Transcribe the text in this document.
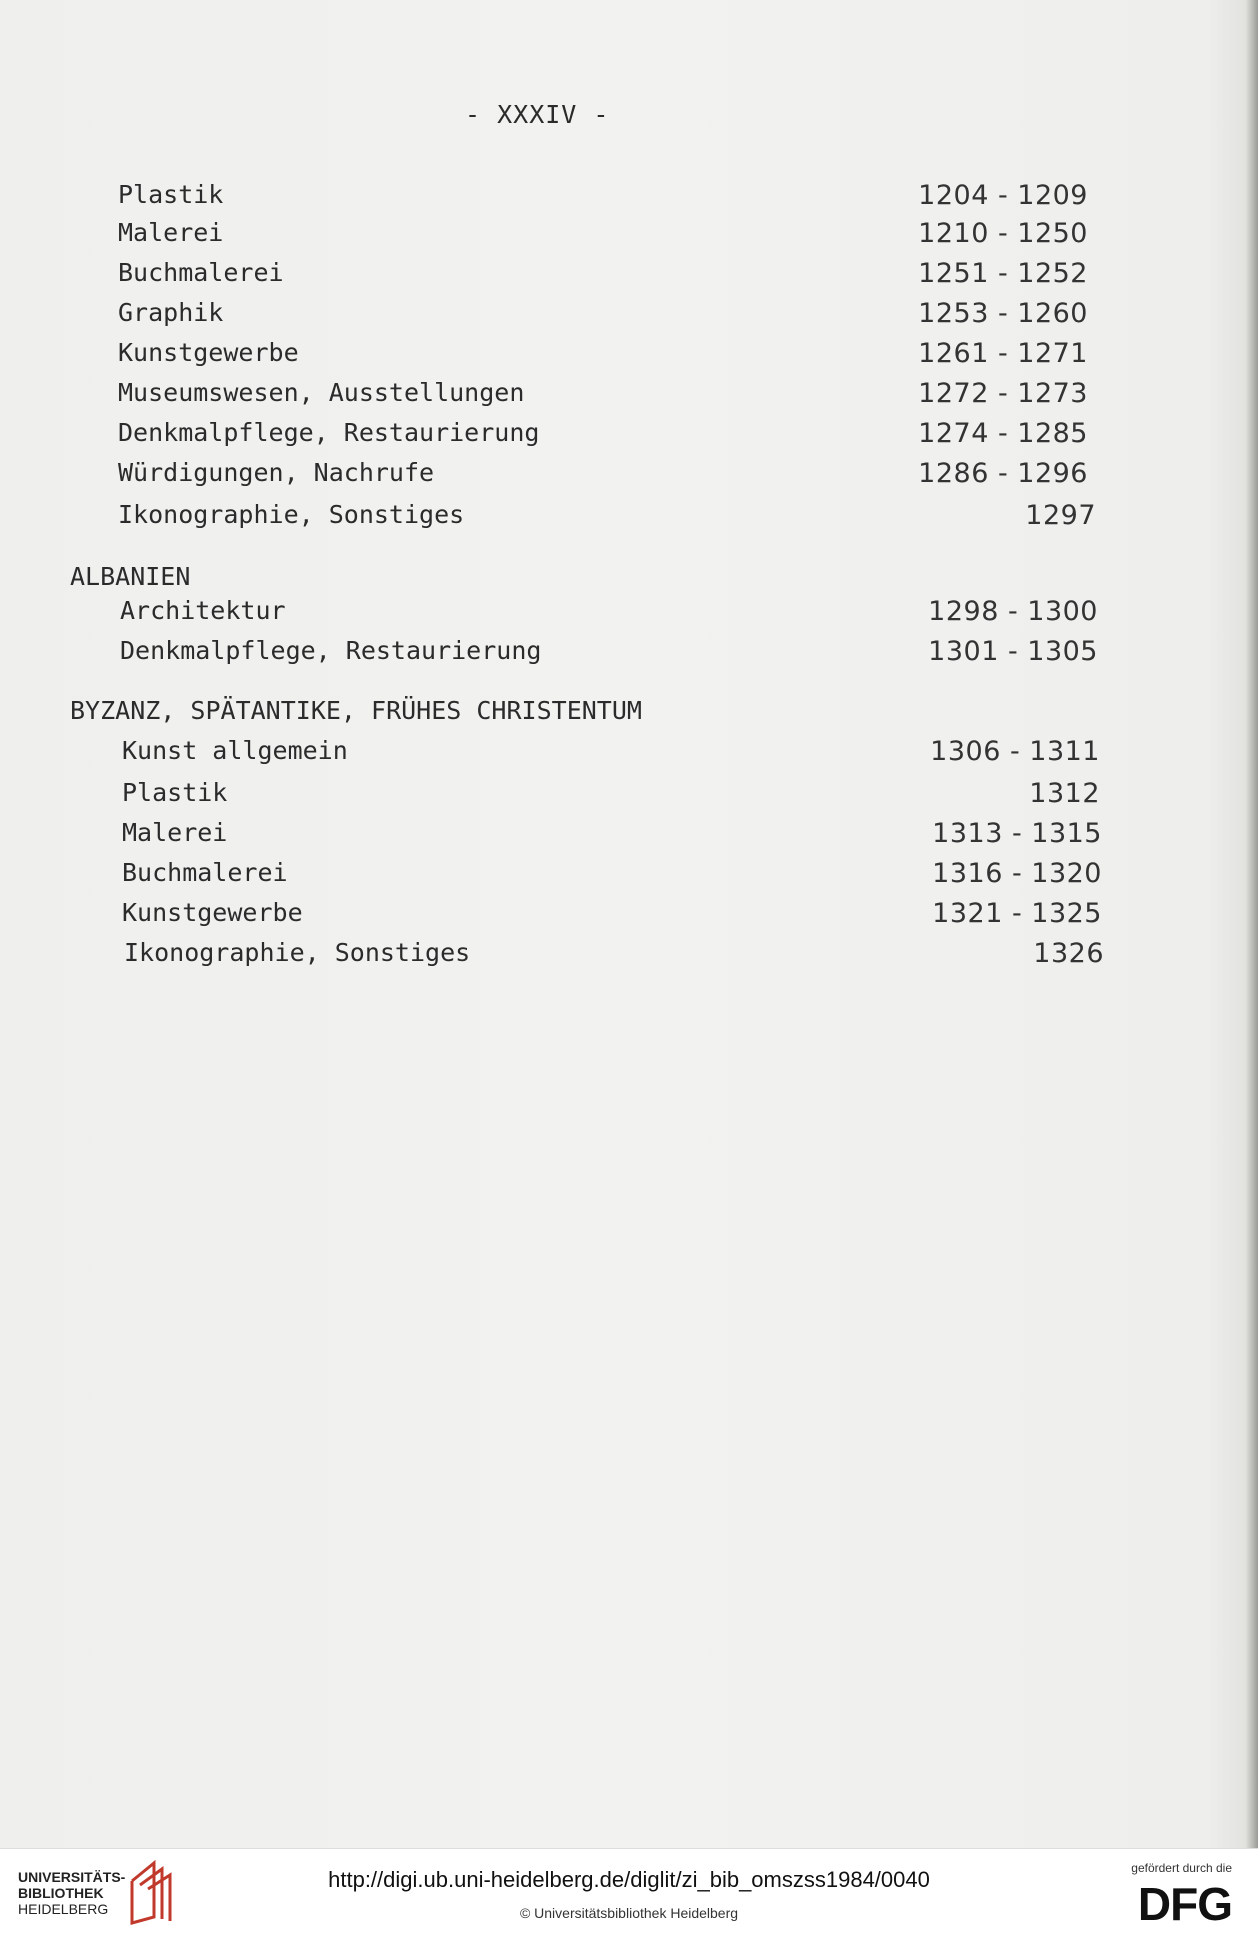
- XXXIV -
Plastik	1204 - 1209
Malerei	1210 - 1250
Buchmalerei	1251 - 1252
Graphik	1253 - 1260
Kunstgewerbe	1261 - 1271
Museumswesen, Ausstellungen	1272 - 1273
Denkmalpflege, Restaurierung	1274 - 1285
Würdigungen, Nachrufe	1286 - 1296
Ikonographie, Sonstiges	1297
ALBANIEN
Architektur	1298 - 1300
Denkmalpflege, Restaurierung	1301 - 1305
BYZANZ, SPÄTANTIKE, FRÜHES CHRISTENTUM
Kunst allgemein	1306 - 1311
Plastik	1312
Malerei	1313 - 1315
Buchmalerei	1316 - 1320
Kunstgewerbe	1321 - 1325
Ikonographie, Sonstiges	1326
UNIVERSITÄTS-
BIBLIOTHEK
HEIDELBERG
http://digi.ub.uni-heidelberg.de/diglit/zi_bib_omszss1984/0040
© Universitätsbibliothek Heidelberg
gefördert durch die
DFG
